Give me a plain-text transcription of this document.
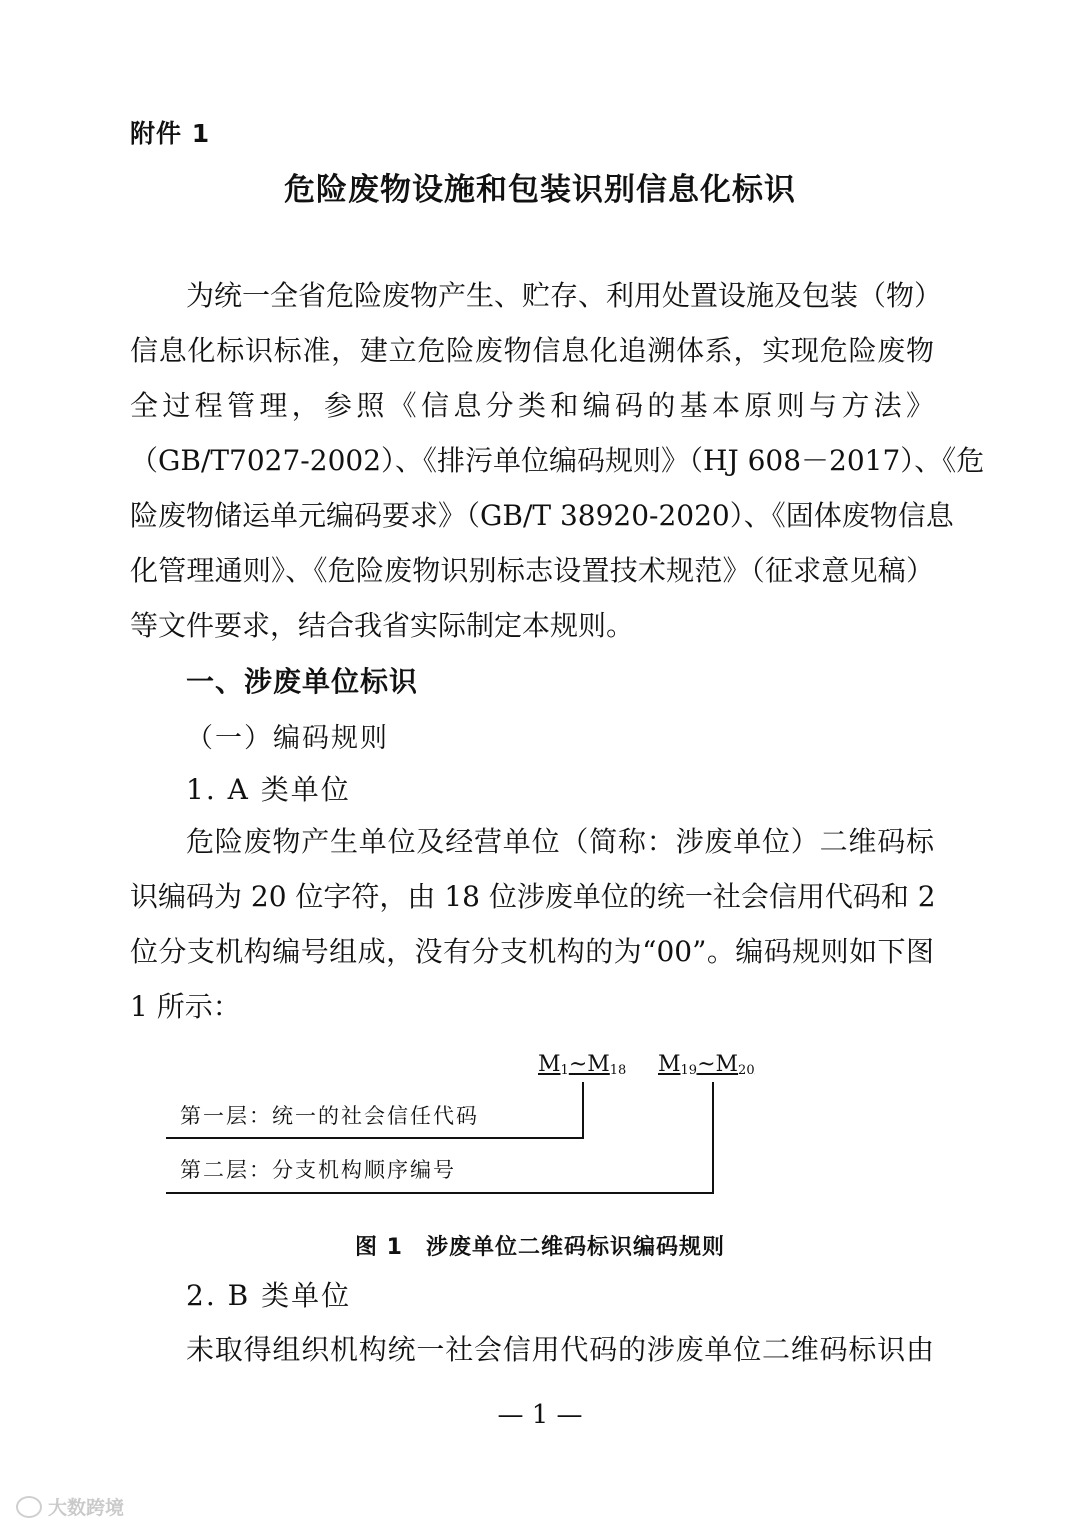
附件 1
危险废物设施和包装识别信息化标识
为统一全省危险废物产生、贮存、利用处置设施及包装（物）
信息化标识标准，建立危险废物信息化追溯体系，实现危险废物
全过程管理，参照《信息分类和编码的基本原则与方法》
（GB/T7027-2002）、《排污单位编码规则》（HJ 608－2017）、《危
险废物储运单元编码要求》（GB/T 38920-2020）、《固体废物信息
化管理通则》、《危险废物识别标志设置技术规范》（征求意见稿）
等文件要求，结合我省实际制定本规则。
一、涉废单位标识
（一）编码规则
1. A 类单位
危险废物产生单位及经营单位（简称：涉废单位）二维码标
识编码为 20 位字符，由 18 位涉废单位的统一社会信用代码和 2
位分支机构编号组成，没有分支机构的为“00”。编码规则如下图
1 所示：
$M_1\sim M_{18}$ $M_{19}\sim M_{20}$
第一层：统一的社会信任代码
第二层：分支机构顺序编号
图 1　涉废单位二维码标识编码规则
2. B 类单位
未取得组织机构统一社会信用代码的涉废单位二维码标识由
— 1 —
大数跨境
